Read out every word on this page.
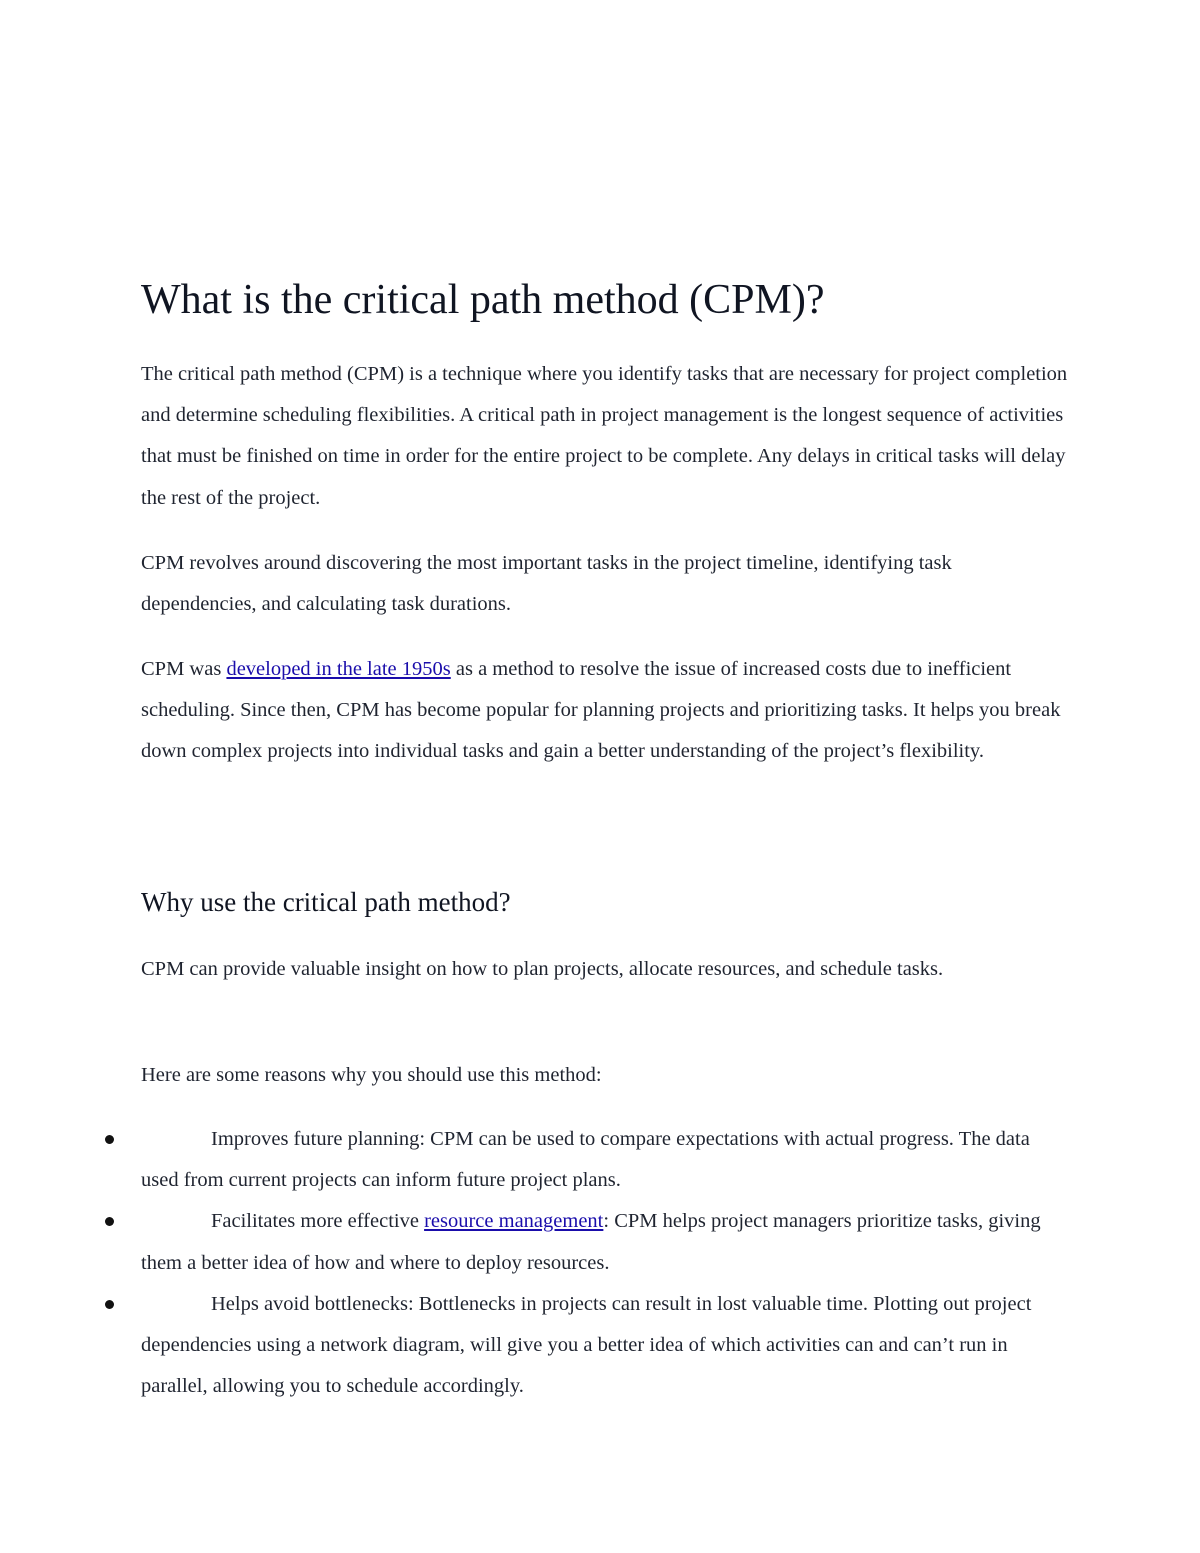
What is the critical path method (CPM)?

The critical path method (CPM) is a technique where you identify tasks that are necessary for project completion and determine scheduling flexibilities. A critical path in project management is the longest sequence of activities that must be finished on time in order for the entire project to be complete. Any delays in critical tasks will delay the rest of the project.

CPM revolves around discovering the most important tasks in the project timeline, identifying task dependencies, and calculating task durations.

CPM was developed in the late 1950s as a method to resolve the issue of increased costs due to inefficient scheduling. Since then, CPM has become popular for planning projects and prioritizing tasks. It helps you break down complex projects into individual tasks and gain a better understanding of the project’s flexibility.

Why use the critical path method?

CPM can provide valuable insight on how to plan projects, allocate resources, and schedule tasks.

Here are some reasons why you should use this method:

Improves future planning: CPM can be used to compare expectations with actual progress. The data used from current projects can inform future project plans.
Facilitates more effective resource management: CPM helps project managers prioritize tasks, giving them a better idea of how and where to deploy resources.
Helps avoid bottlenecks: Bottlenecks in projects can result in lost valuable time. Plotting out project dependencies using a network diagram, will give you a better idea of which activities can and can’t run in parallel, allowing you to schedule accordingly.
